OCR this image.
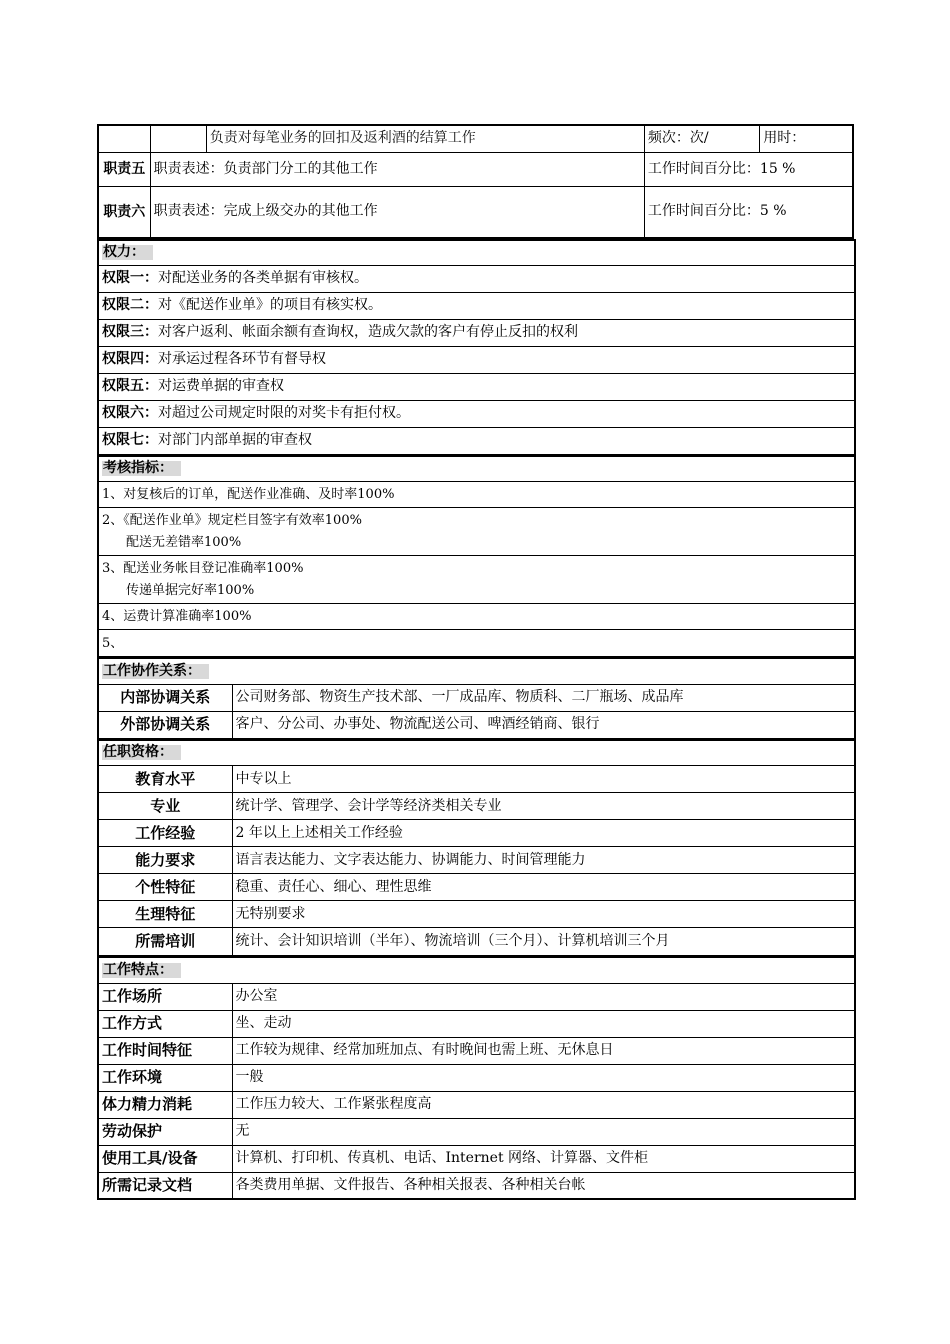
		负责对每笔业务的回扣及返利酒的结算工作	频次：次/	用时：
职责五	职责表述：负责部门分工的其他工作		工作时间百分比：15 %	
职责六	职责表述：完成上级交办的其他工作		工作时间百分比：5 %	
权力：
权限一：对配送业务的各类单据有审核权。
权限二：对《配送作业单》的项目有核实权。
权限三：对客户返利、帐面余额有查询权，造成欠款的客户有停止反扣的权利
权限四：对承运过程各环节有督导权
权限五：对运费单据的审查权
权限六：对超过公司规定时限的对奖卡有拒付权。
权限七：对部门内部单据的审查权
考核指标：
1、对复核后的订单，配送作业准确、及时率100%

2、《配送作业单》规定栏目签字有效率100%
配送无差错率100%

3、配送业务帐目登记准确率100%
传递单据完好率100%

4、运费计算准确率100%
5、
工作协作关系：	
内部协调关系	公司财务部、物资生产技术部、一厂成品库、物质科、二厂瓶场、成品库
外部协调关系	客户、分公司、办事处、物流配送公司、啤酒经销商、银行
任职资格：	
教育水平	中专以上
专业	统计学、管理学、会计学等经济类相关专业
工作经验	2 年以上上述相关工作经验
能力要求	语言表达能力、文字表达能力、协调能力、时间管理能力
个性特征	稳重、责任心、细心、理性思维
生理特征	无特别要求
所需培训	统计、会计知识培训（半年）、物流培训（三个月）、计算机培训三个月
工作特点：	
工作场所	办公室
工作方式	坐、走动
工作时间特征	工作较为规律、经常加班加点、有时晚间也需上班、无休息日
工作环境	一般
体力精力消耗	工作压力较大、工作紧张程度高
劳动保护	无
使用工具/设备	计算机、打印机、传真机、电话、Internet 网络、计算器、文件柜
所需记录文档	各类费用单据、文件报告、各种相关报表、各种相关台帐
